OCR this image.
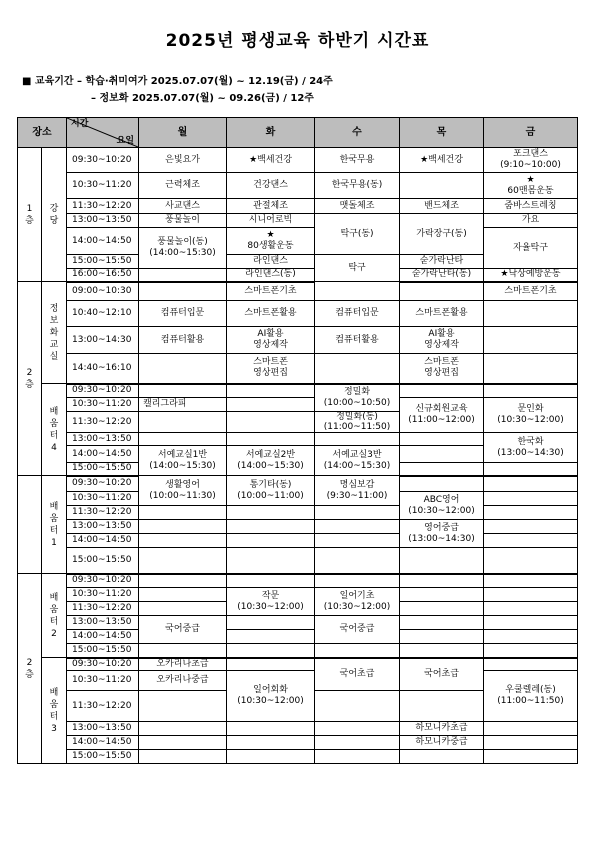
2025년 평생교육 하반기 시간표
■ 교육기간 – 학습·취미여가 2025.07.07(월) ~ 12.19(금) / 24주
– 정보화 2025.07.07(월) ~ 09.26(금) / 12주
장소		시간
요일	월	화	수	목	금
1
층	강
당	09:30~10:20	은빛요가	★백세건강	한국무용	★백세건강	포크댄스
(9:10~10:00)
		10:30~11:20	근력체조	건강댄스	한국무용(동)		★
60맨몸운동
		11:30~12:20	사교댄스	관절체조	맷돌체조	밴드체조	줌바스트레칭
		13:00~13:50	풍물놀이	시니어로빅	탁구(동)	가락장구(동)	가요
		14:00~14:50	풍물놀이(동)
(14:00~15:30)	★
80생활운동			자율탁구
		15:00~15:50		라인댄스	탁구	숟가락난타	
		16:00~16:50		라인댄스(동)		숟가락난타(동)	★낙상예방운동
2
층	정
보
화
교
실	09:00~10:30		스마트폰기초			스마트폰기초
		10:40~12:10	컴퓨터입문	스마트폰활용	컴퓨터입문	스마트폰활용	
		13:00~14:30	컴퓨터활용	AI활용
영상제작	컴퓨터활용	AI활용
영상제작	
		14:40~16:10		스마트폰
영상편집		스마트폰
영상편집	
	배
움
터
4	09:30~10:20			정밀화
(10:00~10:50)		
		10:30~11:20	캘리그라피			신규회원교육
(11:00~12:00)	문인화
(10:30~12:00)
		11:30~12:20			정밀화(동)
(11:00~11:50)		
		13:00~13:50					한국화
(13:00~14:30)
		14:00~14:50	서예교실1반
(14:00~15:30)	서예교실2반
(14:00~15:30)	서예교실3반
(14:00~15:30)		
		15:00~15:50					
	배
움
터
1	09:30~10:20	생활영어
(10:00~11:30)	통기타(동)
(10:00~11:00)	명심보감
(9:30~11:00)		
		10:30~11:20				ABC영어
(10:30~12:00)	
		11:30~12:20					
		13:00~13:50				영어중급
(13:00~14:30)	
		14:00~14:50					
		15:00~15:50					
2
층	배
움
터
2	09:30~10:20					
		10:30~11:20		작문
(10:30~12:00)	일어기초
(10:30~12:00)		
		11:30~12:20					
		13:00~13:50	국어중급		국어중급		
		14:00~14:50					
		15:00~15:50					
	배
움
터
3	09:30~10:20	오카리나초급		국어초급	국어초급	
		10:30~11:20	오카리나중급	일어회화
(10:30~12:00)			우쿨렐레(동)
(11:00~11:50)
		11:30~12:20					
		13:00~13:50				하모니카초급	
		14:00~14:50				하모니카중급	
		15:00~15:50					
